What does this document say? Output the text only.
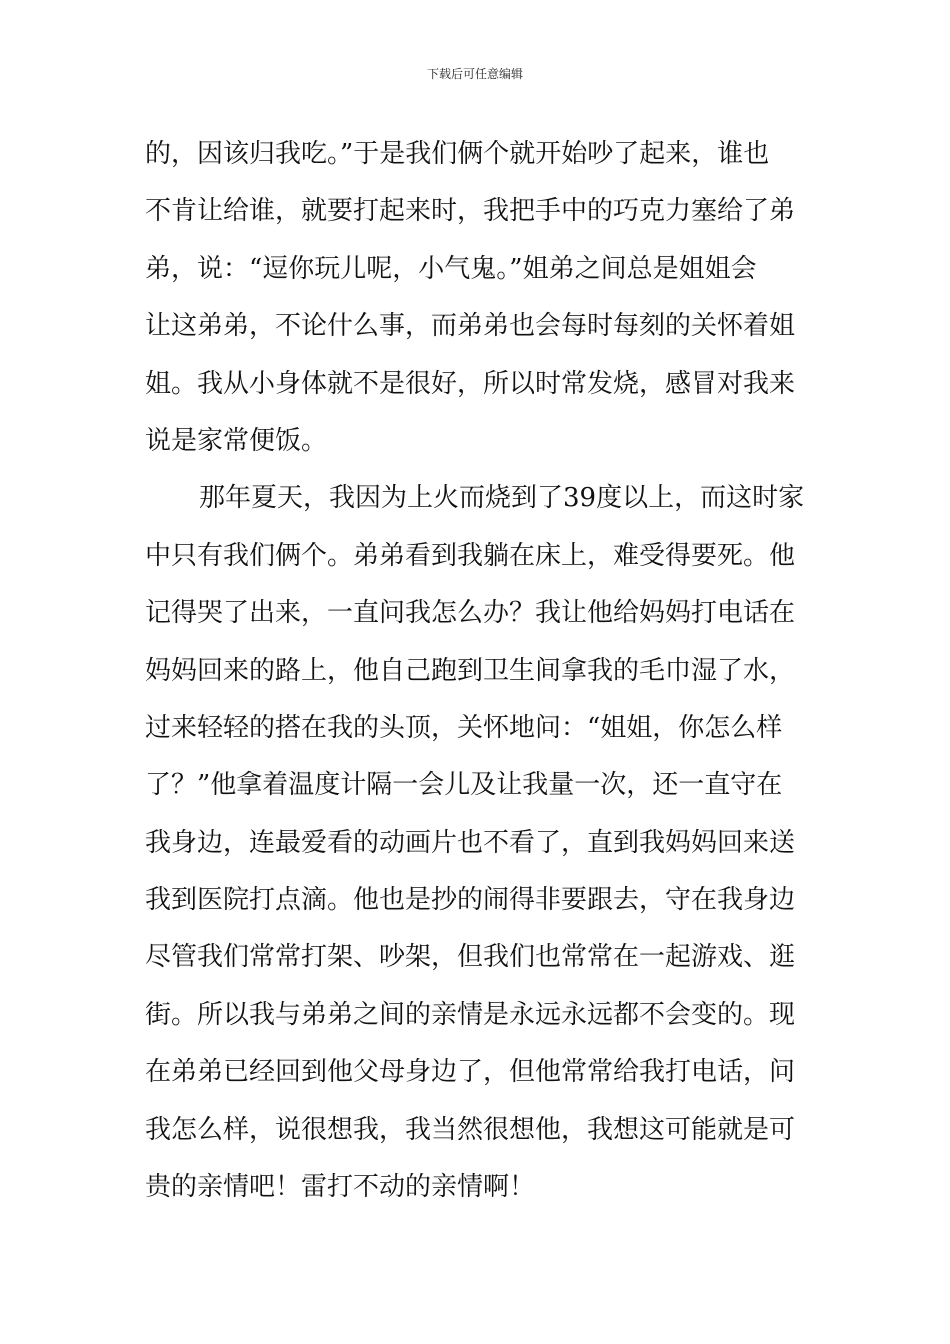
下载后可任意编辑
的，因该归我吃。”于是我们俩个就开始吵了起来，谁也
不肯让给谁，就要打起来时，我把手中的巧克力塞给了弟
弟，说：“逗你玩儿呢，小气鬼。”姐弟之间总是姐姐会
让这弟弟，不论什么事，而弟弟也会每时每刻的关怀着姐
姐。我从小身体就不是很好，所以时常发烧，感冒对我来
说是家常便饭。
那年夏天，我因为上火而烧到了39度以上，而这时家
中只有我们俩个。弟弟看到我躺在床上，难受得要死。他
记得哭了出来，一直问我怎么办？我让他给妈妈打电话在
妈妈回来的路上，他自己跑到卫生间拿我的毛巾湿了水，
过来轻轻的搭在我的头顶，关怀地问：“姐姐，你怎么样
了？”他拿着温度计隔一会儿及让我量一次，还一直守在
我身边，连最爱看的动画片也不看了，直到我妈妈回来送
我到医院打点滴。他也是抄的闹得非要跟去，守在我身边
尽管我们常常打架、吵架，但我们也常常在一起游戏、逛
街。所以我与弟弟之间的亲情是永远永远都不会变的。现
在弟弟已经回到他父母身边了，但他常常给我打电话，问
我怎么样，说很想我，我当然很想他，我想这可能就是可
贵的亲情吧！雷打不动的亲情啊！
